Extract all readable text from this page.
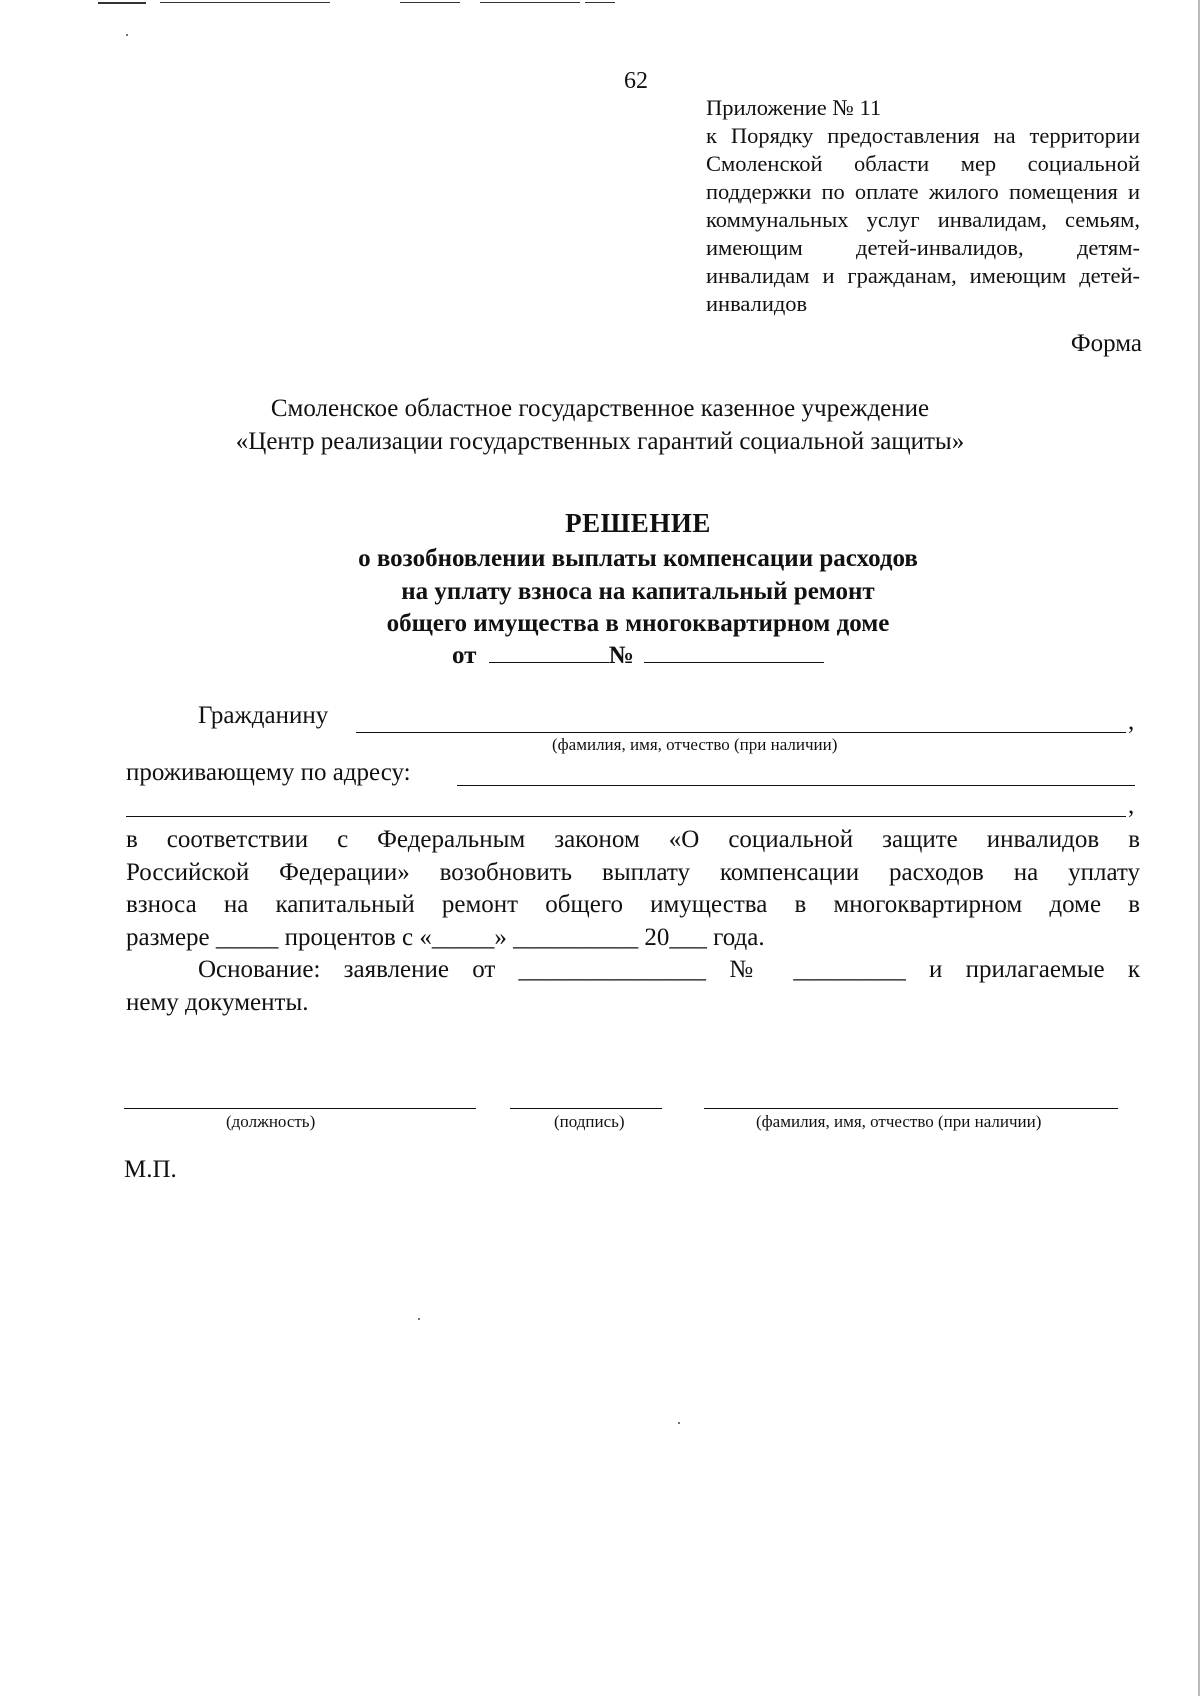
62
Приложение № 11
к Порядку предоставления на территории Смоленской области мер социальной поддержки по оплате жилого помещения и коммунальных услуг инвалидам, семьям, имеющим детей-инвалидов, детям-инвалидам и гражданам, имеющим детей-инвалидов
Форма
Смоленское областное государственное казенное учреждение
«Центр реализации государственных гарантий социальной защиты»
РЕШЕНИЕ
о возобновлении выплаты компенсации расходов
на уплату взноса на капитальный ремонт
общего имущества в многоквартирном доме
от	№
Гражданину	,
(фамилия, имя, отчество (при наличии)
проживающему по адресу:
,
в соответствии с Федеральным законом «О социальной защите инвалидов в
Российской Федерации» возобновить выплату компенсации расходов на уплату
взноса на капитальный ремонт общего имущества в многоквартирном доме в
размере _____ процентов с «_____» __________ 20___ года.
Основание: заявление от _______________ № _________ и прилагаемые к
нему документы.
(должность)	(подпись)	(фамилия, имя, отчество (при наличии)
М.П.
